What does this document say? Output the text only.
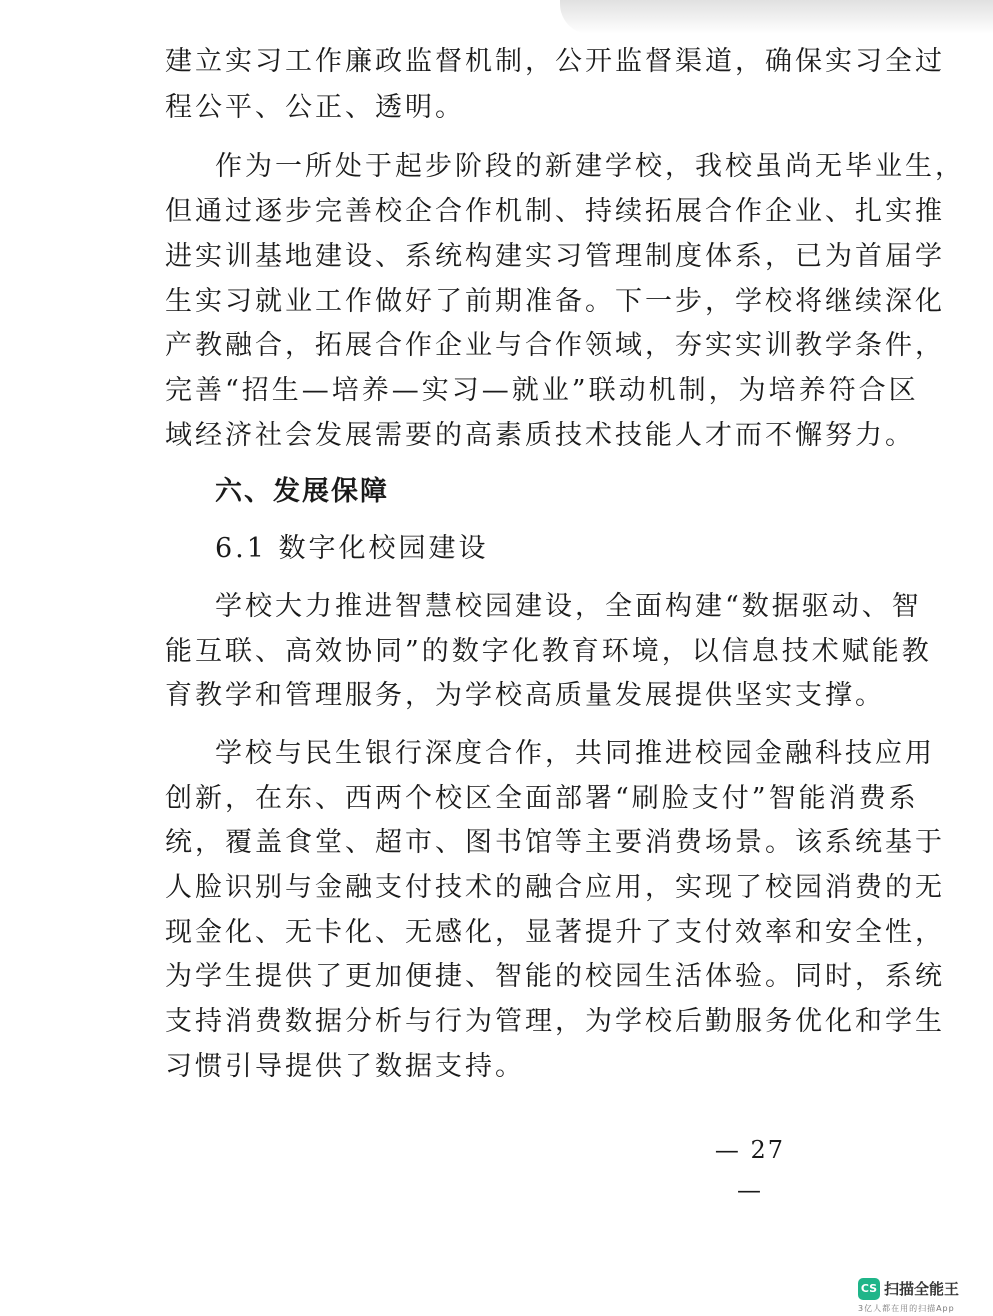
建立实习工作廉政监督机制，公开监督渠道，确保实习全过
程公平、公正、透明。
作为一所处于起步阶段的新建学校，我校虽尚无毕业生，
但通过逐步完善校企合作机制、持续拓展合作企业、扎实推
进实训基地建设、系统构建实习管理制度体系，已为首届学
生实习就业工作做好了前期准备。下一步，学校将继续深化
产教融合，拓展合作企业与合作领域，夯实实训教学条件，
完善“招生—培养—实习—就业”联动机制，为培养符合区
域经济社会发展需要的高素质技术技能人才而不懈努力。
六、发展保障
6.1 数字化校园建设
学校大力推进智慧校园建设，全面构建“数据驱动、智
能互联、高效协同”的数字化教育环境，以信息技术赋能教
育教学和管理服务，为学校高质量发展提供坚实支撑。
学校与民生银行深度合作，共同推进校园金融科技应用
创新，在东、西两个校区全面部署“刷脸支付”智能消费系
统，覆盖食堂、超市、图书馆等主要消费场景。该系统基于
人脸识别与金融支付技术的融合应用，实现了校园消费的无
现金化、无卡化、无感化，显著提升了支付效率和安全性，
为学生提供了更加便捷、智能的校园生活体验。同时，系统
支持消费数据分析与行为管理，为学校后勤服务优化和学生
习惯引导提供了数据支持。
— 27 —
CS 扫描全能王
3亿人都在用的扫描App
